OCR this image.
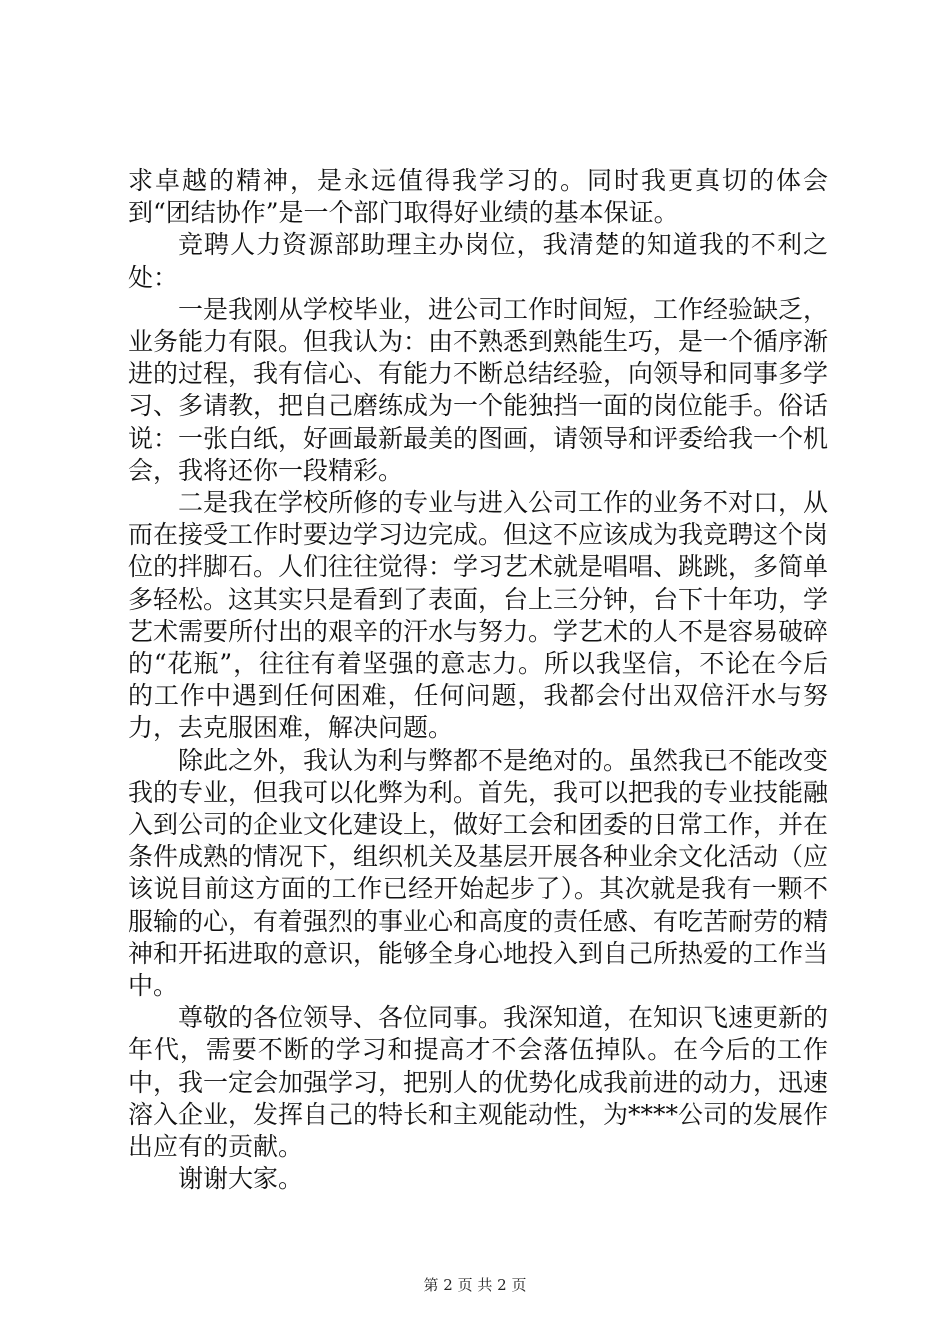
求卓越的精神，是永远值得我学习的。同时我更真切的体会到“团结协作”是一个部门取得好业绩的基本保证。

竞聘人力资源部助理主办岗位，我清楚的知道我的不利之处：

一是我刚从学校毕业，进公司工作时间短，工作经验缺乏，业务能力有限。但我认为：由不熟悉到熟能生巧，是一个循序渐进的过程，我有信心、有能力不断总结经验，向领导和同事多学习、多请教，把自己磨练成为一个能独挡一面的岗位能手。俗话说：一张白纸，好画最新最美的图画，请领导和评委给我一个机会，我将还你一段精彩。

二是我在学校所修的专业与进入公司工作的业务不对口，从而在接受工作时要边学习边完成。但这不应该成为我竞聘这个岗位的拌脚石。人们往往觉得：学习艺术就是唱唱、跳跳，多简单多轻松。这其实只是看到了表面，台上三分钟，台下十年功，学艺术需要所付出的艰辛的汗水与努力。学艺术的人不是容易破碎的“花瓶”，往往有着坚强的意志力。所以我坚信，不论在今后的工作中遇到任何困难，任何问题，我都会付出双倍汗水与努力，去克服困难，解决问题。

除此之外，我认为利与弊都不是绝对的。虽然我已不能改变我的专业，但我可以化弊为利。首先，我可以把我的专业技能融入到公司的企业文化建设上，做好工会和团委的日常工作，并在条件成熟的情况下，组织机关及基层开展各种业余文化活动（应该说目前这方面的工作已经开始起步了）。其次就是我有一颗不服输的心，有着强烈的事业心和高度的责任感、有吃苦耐劳的精神和开拓进取的意识，能够全身心地投入到自己所热爱的工作当中。

尊敬的各位领导、各位同事。我深知道，在知识飞速更新的年代，需要不断的学习和提高才不会落伍掉队。在今后的工作中，我一定会加强学习，把别人的优势化成我前进的动力，迅速溶入企业，发挥自己的特长和主观能动性，为****公司的发展作出应有的贡献。

谢谢大家。

第 2 页 共 2 页
